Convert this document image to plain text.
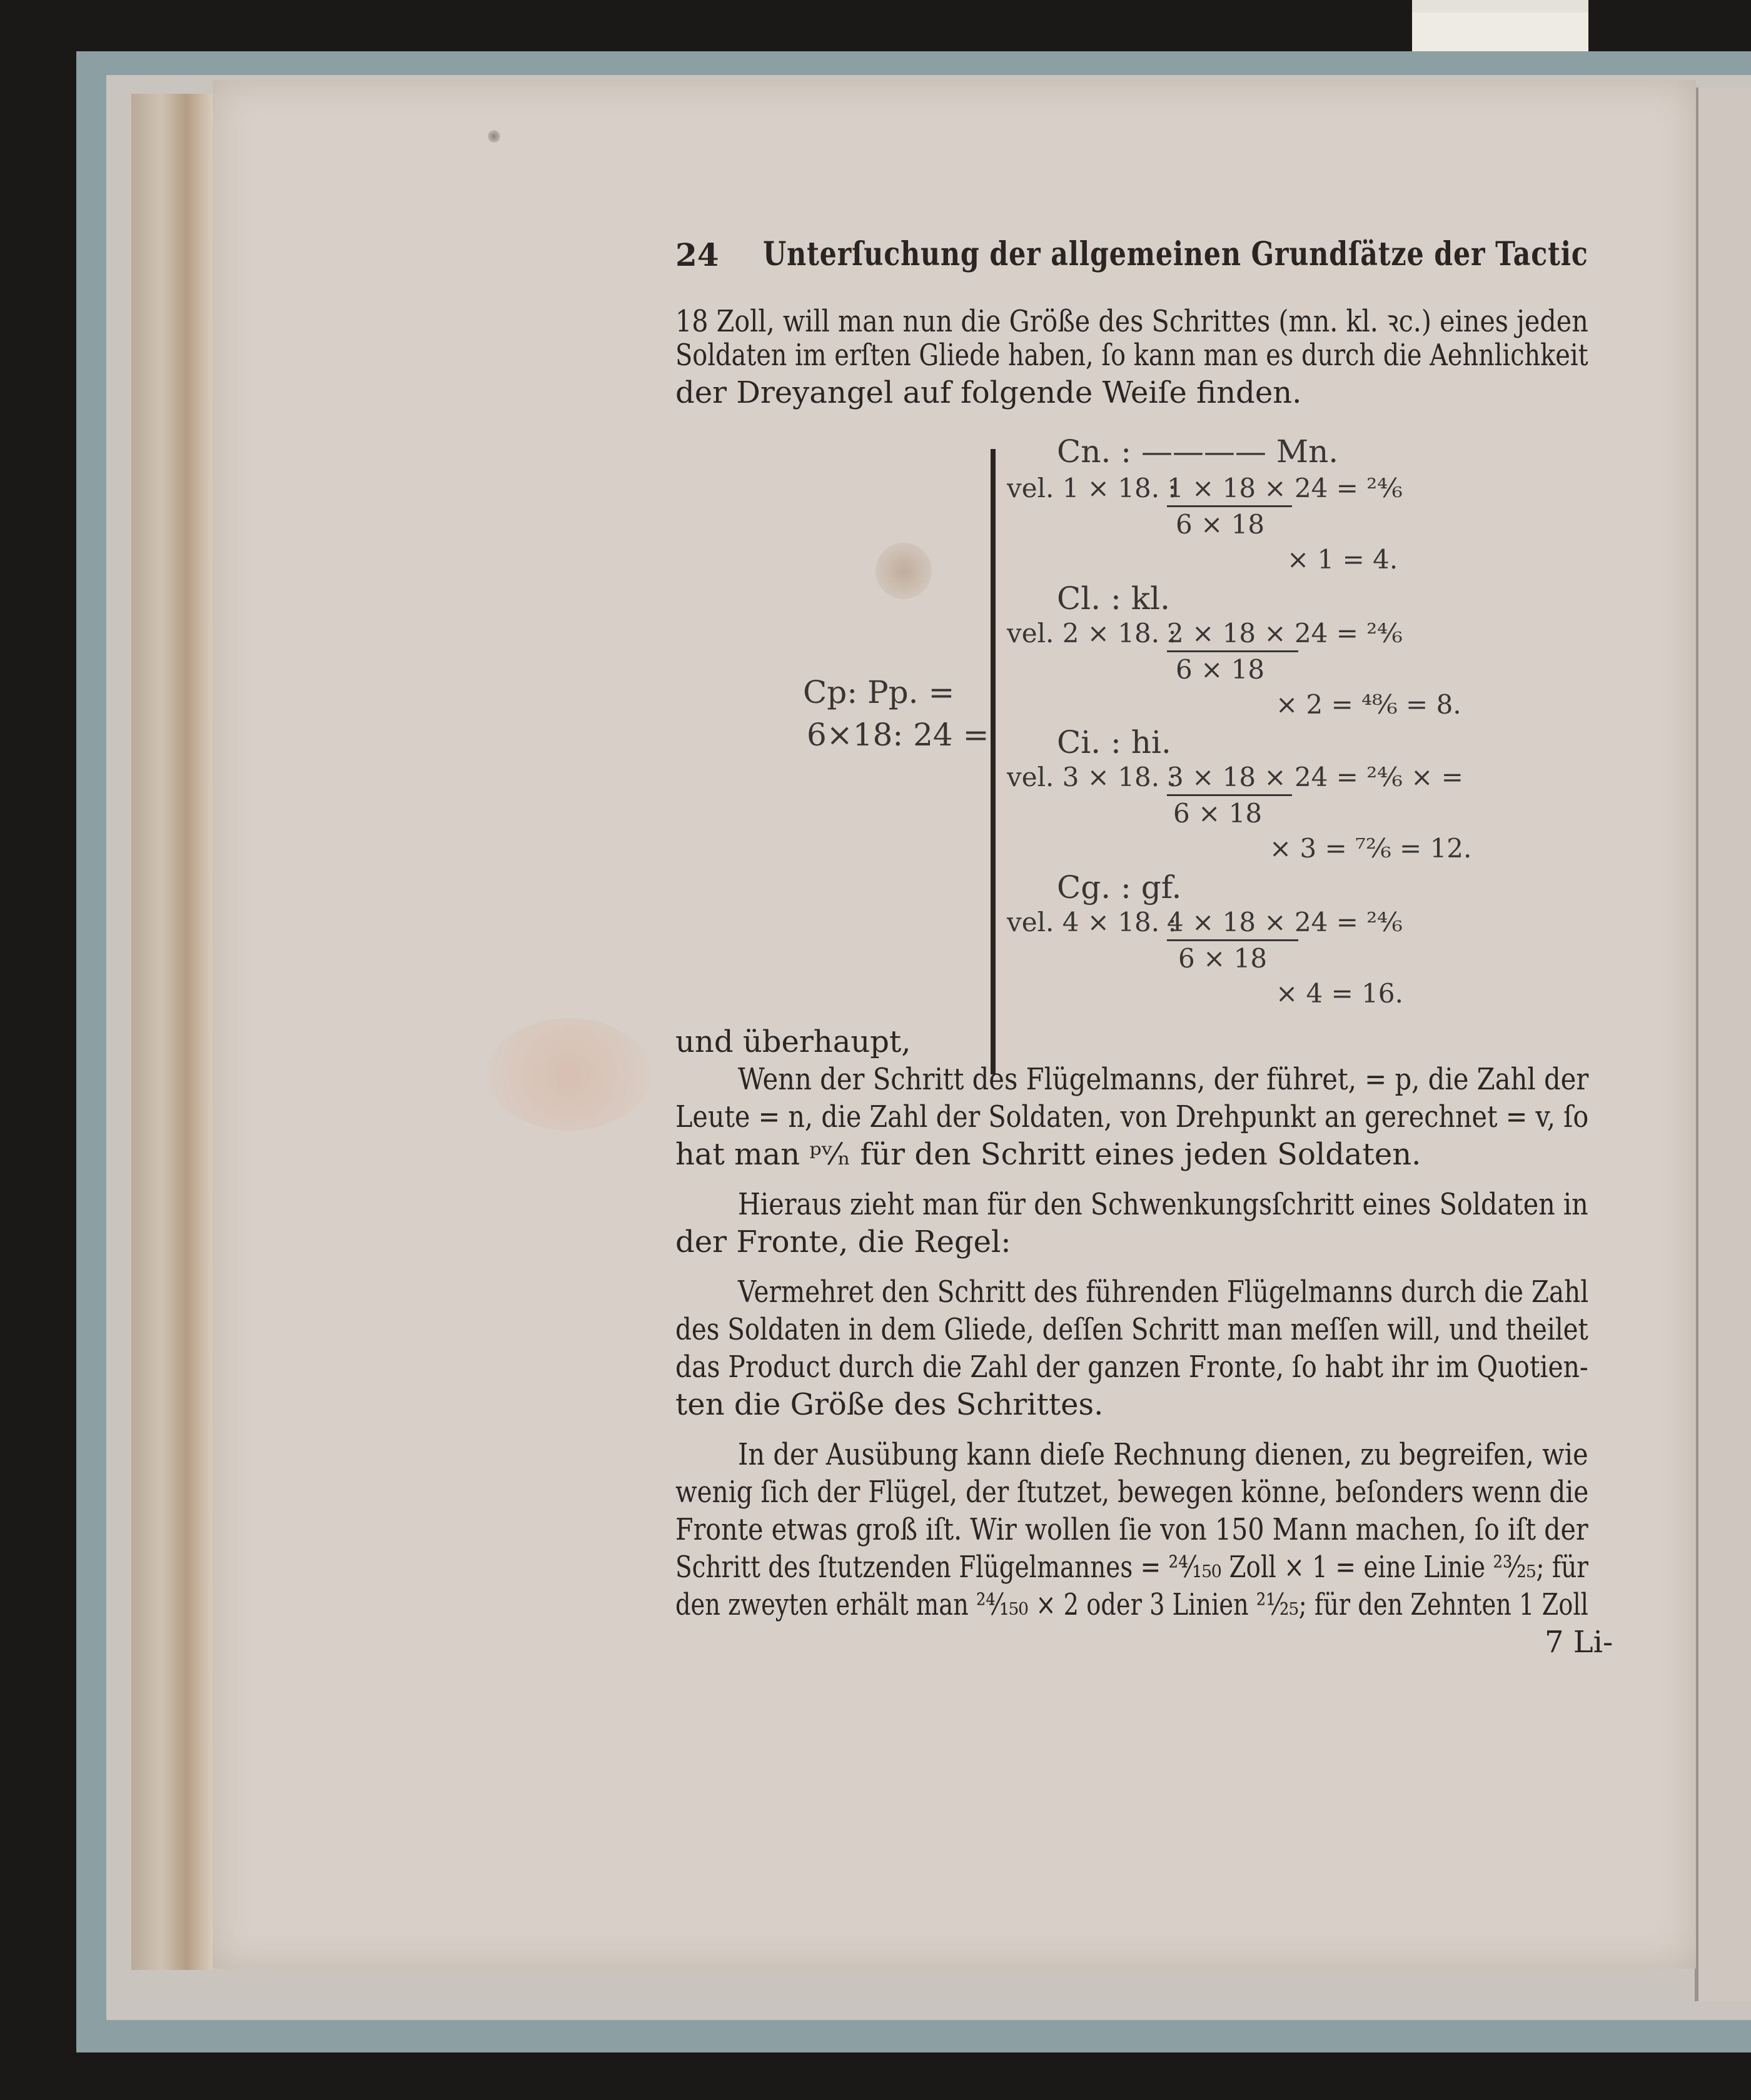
24 Unterſuchung der allgemeinen Grundſätze der Tactic
18 Zoll, will man nun die Größe des Schrittes (mn. kl. ꝛc.) eines jeden
Soldaten im erſten Gliede haben, ſo kann man es durch die Aehnlichkeit
der Dreyangel auf folgende Weiſe finden.
Cp: Pp. =
6×18: 24 =
Cn. : ———— Mn.
vel. 1 × 18. :
1 × 18 × 24 = ²⁴⁄₆
6 × 18
× 1 = 4.
Cl. : kl.
vel. 2 × 18. :
2 × 18 × 24 = ²⁴⁄₆
6 × 18
× 2 = ⁴⁸⁄₆ = 8.
Ci. : hi.
vel. 3 × 18. :
3 × 18 × 24 = ²⁴⁄₆ × =
6 × 18
× 3 = ⁷²⁄₆ = 12.
Cg. : gf.
vel. 4 × 18. :
4 × 18 × 24 = ²⁴⁄₆
6 × 18
× 4 = 16.
und überhaupt,
Wenn der Schritt des Flügelmanns, der führet, = p, die Zahl der
Leute = n, die Zahl der Soldaten, von Drehpunkt an gerechnet = v, ſo
hat man ᵖᵛ⁄ₙ für den Schritt eines jeden Soldaten.
Hieraus zieht man für den Schwenkungsſchritt eines Soldaten in
der Fronte, die Regel:
Vermehret den Schritt des führenden Flügelmanns durch die Zahl
des Soldaten in dem Gliede, deſſen Schritt man meſſen will, und theilet
das Product durch die Zahl der ganzen Fronte, ſo habt ihr im Quotien-
ten die Größe des Schrittes.
In der Ausübung kann dieſe Rechnung dienen, zu begreifen, wie
wenig ſich der Flügel, der ſtutzet, bewegen könne, beſonders wenn die
Fronte etwas groß iſt. Wir wollen ſie von 150 Mann machen, ſo iſt der
Schritt des ſtutzenden Flügelmannes = ²⁴⁄₁₅₀ Zoll × 1 = eine Linie ²³⁄₂₅; für
den zweyten erhält man ²⁴⁄₁₅₀ × 2 oder 3 Linien ²¹⁄₂₅; für den Zehnten 1 Zoll
7 Li-
